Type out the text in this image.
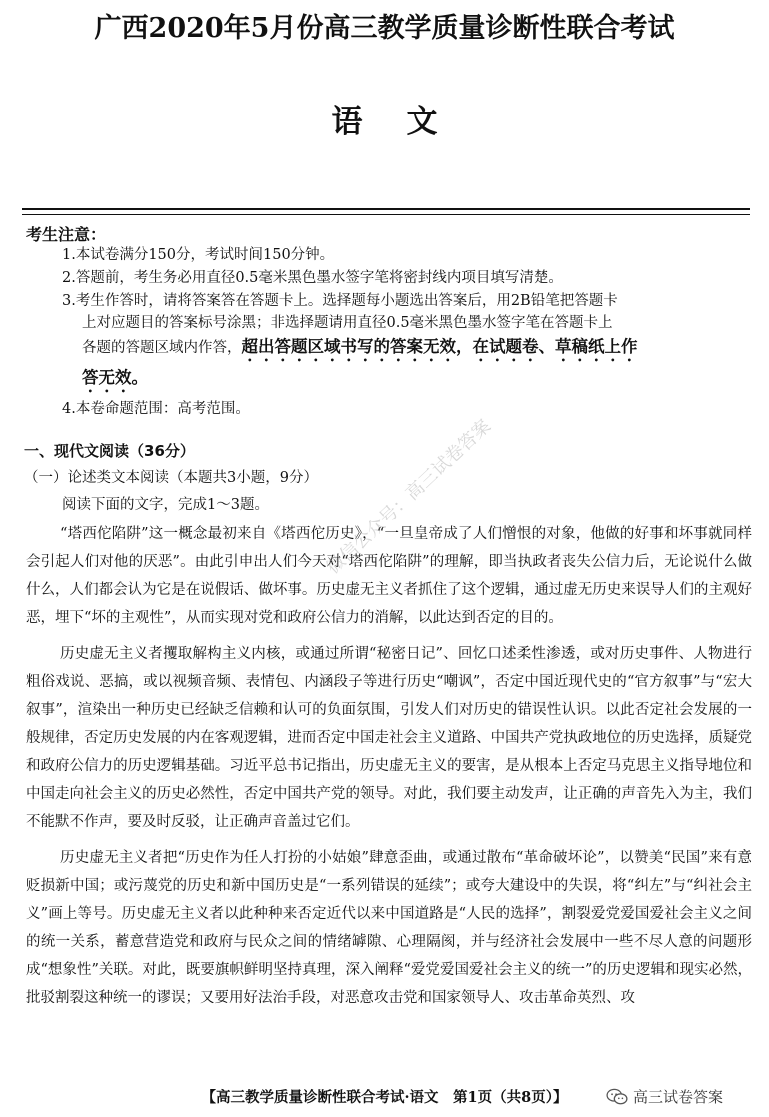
广西2020年5月份高三教学质量诊断性联合考试
语文
考生注意：
1.本试卷满分150分，考试时间150分钟。
2.答题前，考生务必用直径0.5毫米黑色墨水签字笔将密封线内项目填写清楚。
3.考生作答时，请将答案答在答题卡上。选择题每小题选出答案后，用2B铅笔把答题卡
上对应题目的答案标号涂黑；非选择题请用直径0.5毫米黑色墨水签字笔在答题卡上
各题的答题区域内作答，超出答题区域书写的答案无效，在试题卷、草稿纸上作
答无效。
4.本卷命题范围：高考范围。
一、现代文阅读（36分）
（一）论述类文本阅读（本题共3小题，9分）
阅读下面的文字，完成1～3题。

“塔西佗陷阱”这一概念最初来自《塔西佗历史》，“一旦皇帝成了人们憎恨的对象，他做的好事和坏事就同样会引起人们对他的厌恶”。由此引申出人们今天对“塔西佗陷阱”的理解，即当执政者丧失公信力后，无论说什么做什么，人们都会认为它是在说假话、做坏事。历史虚无主义者抓住了这个逻辑，通过虚无历史来误导人们的主观好恶，埋下“坏的主观性”，从而实现对党和政府公信力的消解，以此达到否定的目的。

历史虚无主义者攫取解构主义内核，或通过所谓“秘密日记”、回忆口述柔性渗透，或对历史事件、人物进行粗俗戏说、恶搞，或以视频音频、表情包、内涵段子等进行历史“嘲讽”，否定中国近现代史的“官方叙事”与“宏大叙事”，渲染出一种历史已经缺乏信赖和认可的负面氛围，引发人们对历史的错误性认识。以此否定社会发展的一般规律，否定历史发展的内在客观逻辑，进而否定中国走社会主义道路、中国共产党执政地位的历史选择，质疑党和政府公信力的历史逻辑基础。习近平总书记指出，历史虚无主义的要害，是从根本上否定马克思主义指导地位和中国走向社会主义的历史必然性，否定中国共产党的领导。对此，我们要主动发声，让正确的声音先入为主，我们不能默不作声，要及时反驳，让正确声音盖过它们。

历史虚无主义者把“历史作为任人打扮的小姑娘”肆意歪曲，或通过散布“革命破坏论”，以赞美“民国”来有意贬损新中国；或污蔑党的历史和新中国历史是“一系列错误的延续”；或夸大建设中的失误，将“纠左”与“纠社会主义”画上等号。历史虚无主义者以此种种来否定近代以来中国道路是“人民的选择”，割裂爱党爱国爱社会主义之间的统一关系，蓄意营造党和政府与民众之间的情绪罅隙、心理隔阂，并与经济社会发展中一些不尽人意的问题形成“想象性”关联。对此，既要旗帜鲜明坚持真理，深入阐释“爱党爱国爱社会主义的统一”的历史逻辑和现实必然，批驳割裂这种统一的谬误；又要用好法治手段，对恶意攻击党和国家领导人、攻击革命英烈、攻

微信公众号：高三试卷答案
【高三教学质量诊断性联合考试·语文　第1页（共8页）】	高三试卷答案
